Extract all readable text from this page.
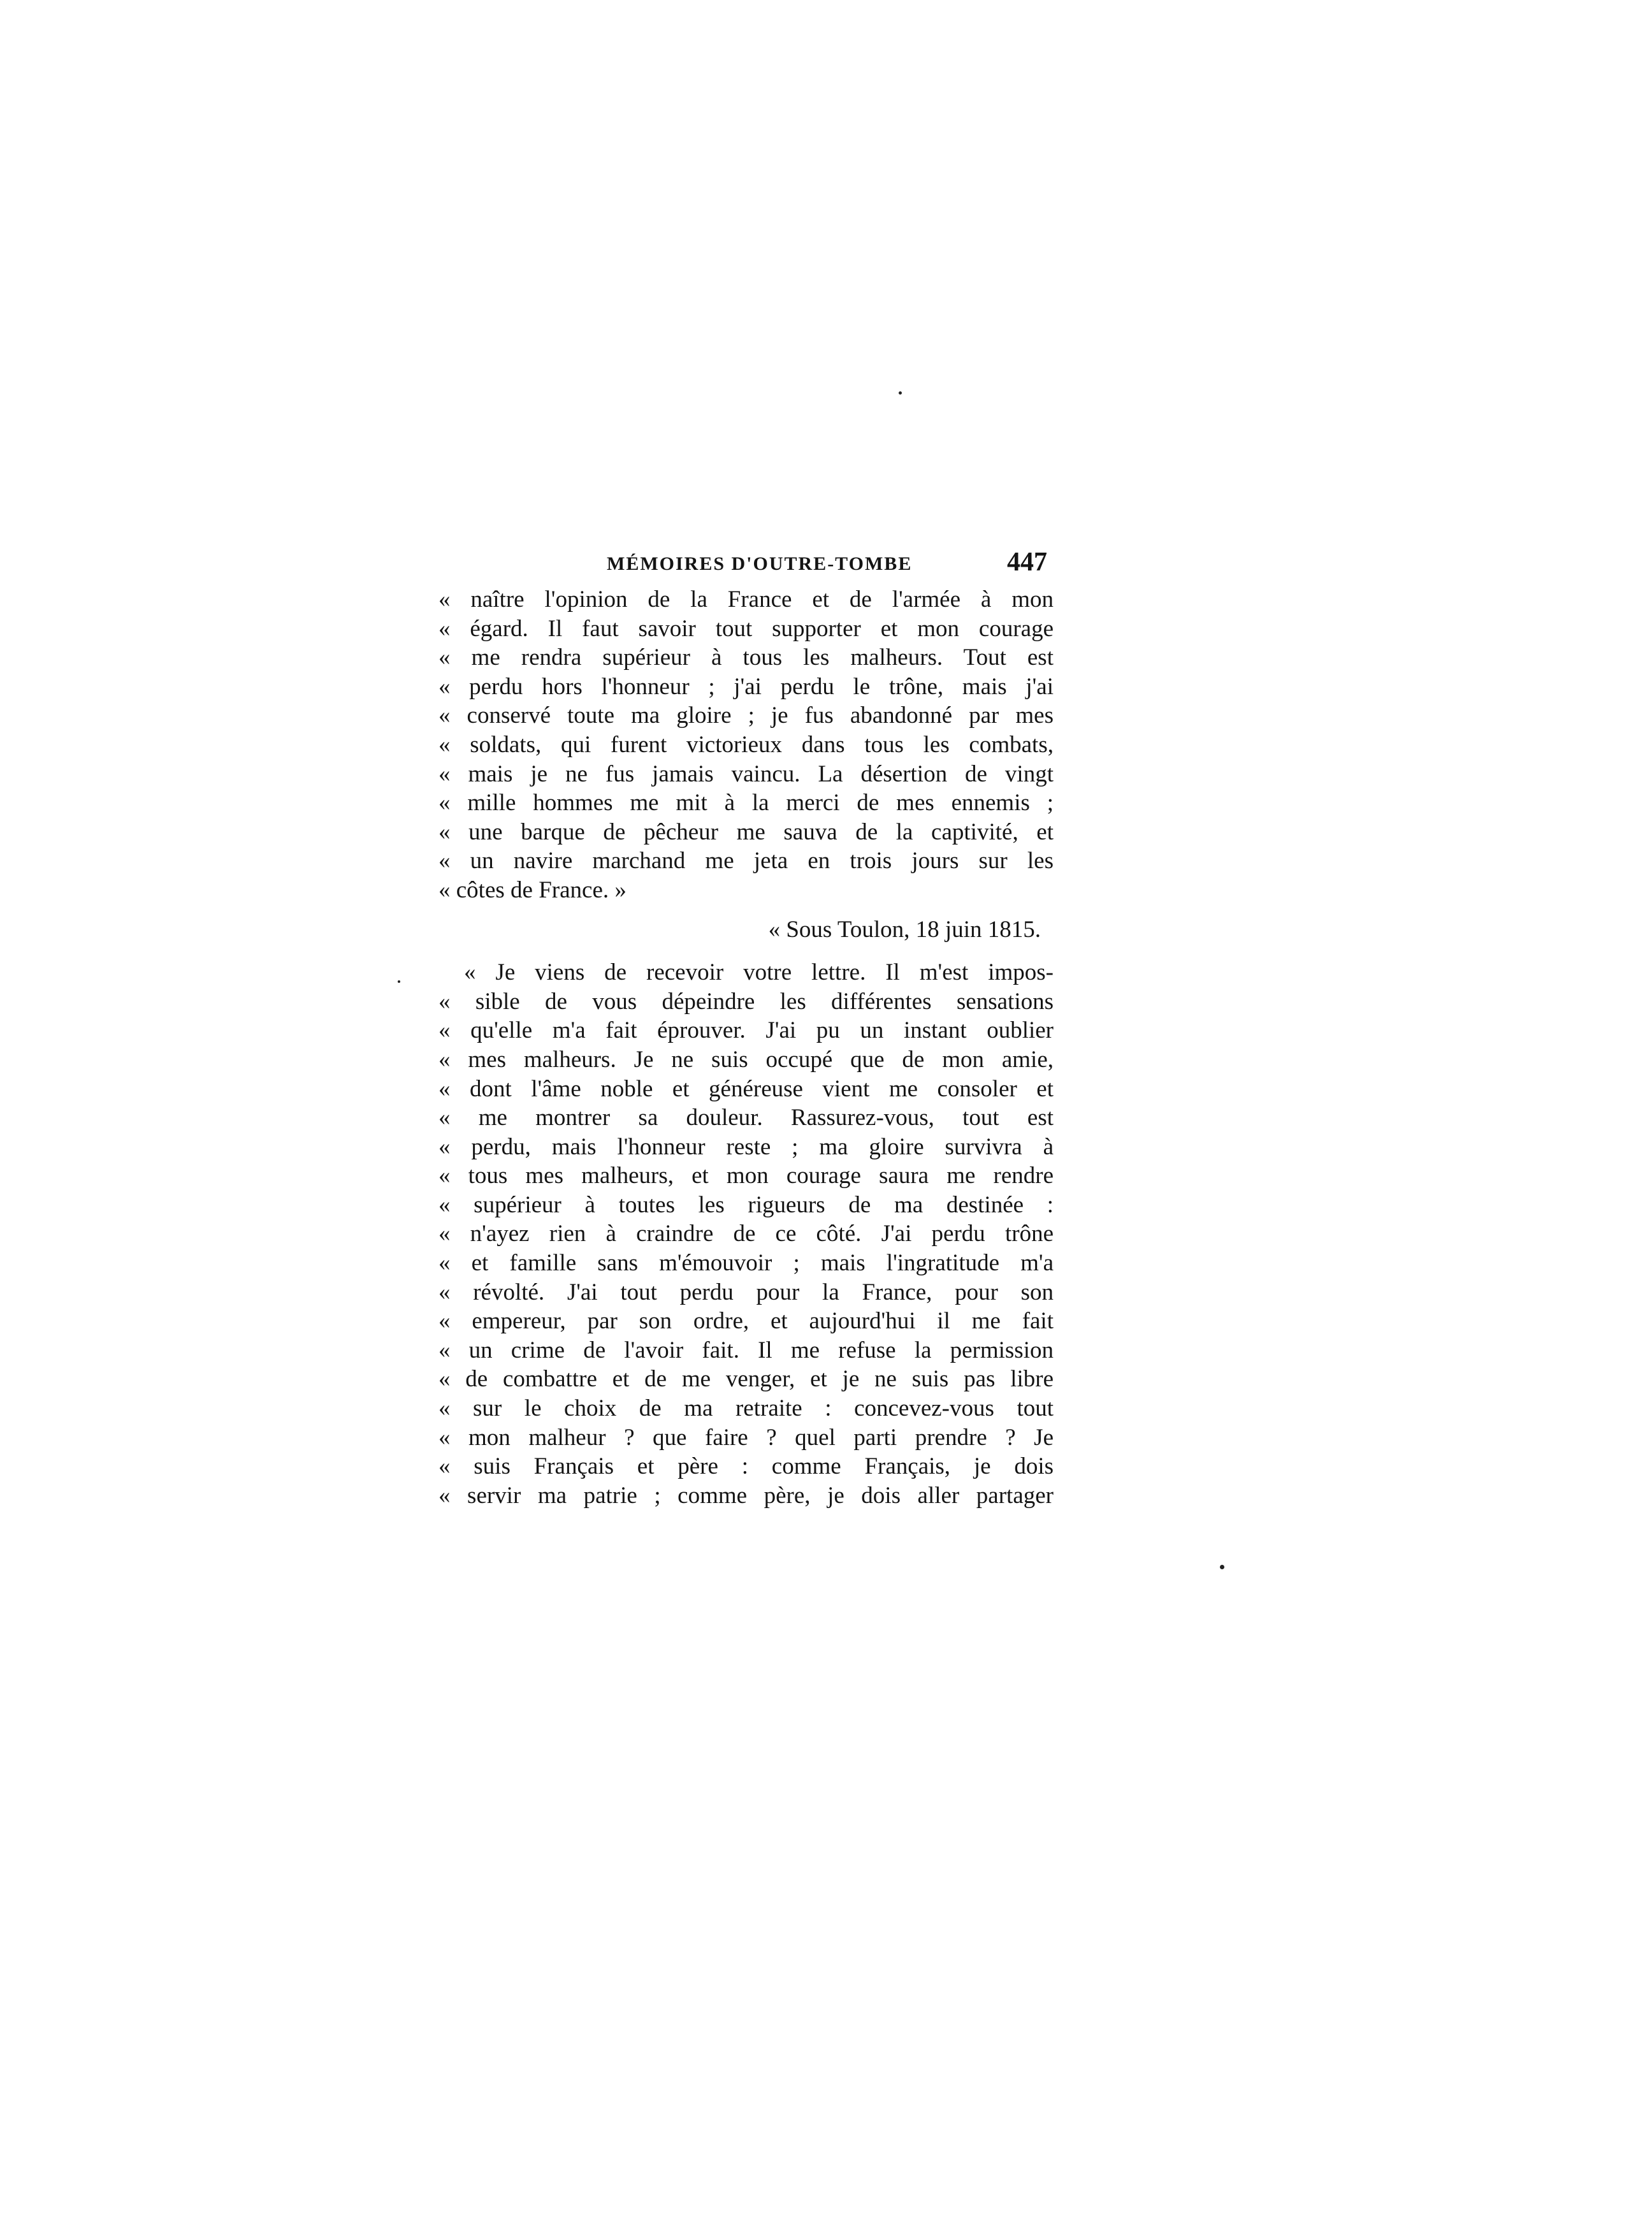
MÉMOIRES D'OUTRE-TOMBE	447
« naître l'opinion de la France et de l'armée à mon
« égard. Il faut savoir tout supporter et mon courage
« me rendra supérieur à tous les malheurs. Tout est
« perdu hors l'honneur ; j'ai perdu le trône, mais j'ai
« conservé toute ma gloire ; je fus abandonné par mes
« soldats, qui furent victorieux dans tous les combats,
« mais je ne fus jamais vaincu. La désertion de vingt
« mille hommes me mit à la merci de mes ennemis ;
« une barque de pêcheur me sauva de la captivité, et
« un navire marchand me jeta en trois jours sur les
« côtes de France. »
« Sous Toulon, 18 juin 1815.
« Je viens de recevoir votre lettre. Il m'est impos-
« sible de vous dépeindre les différentes sensations
« qu'elle m'a fait éprouver. J'ai pu un instant oublier
« mes malheurs. Je ne suis occupé que de mon amie,
« dont l'âme noble et généreuse vient me consoler et
« me montrer sa douleur. Rassurez-vous, tout est
« perdu, mais l'honneur reste ; ma gloire survivra à
« tous mes malheurs, et mon courage saura me rendre
« supérieur à toutes les rigueurs de ma destinée :
« n'ayez rien à craindre de ce côté. J'ai perdu trône
« et famille sans m'émouvoir ; mais l'ingratitude m'a
« révolté. J'ai tout perdu pour la France, pour son
« empereur, par son ordre, et aujourd'hui il me fait
« un crime de l'avoir fait. Il me refuse la permission
« de combattre et de me venger, et je ne suis pas libre
« sur le choix de ma retraite : concevez-vous tout
« mon malheur ? que faire ? quel parti prendre ? Je
« suis Français et père : comme Français, je dois
« servir ma patrie ; comme père, je dois aller partager
